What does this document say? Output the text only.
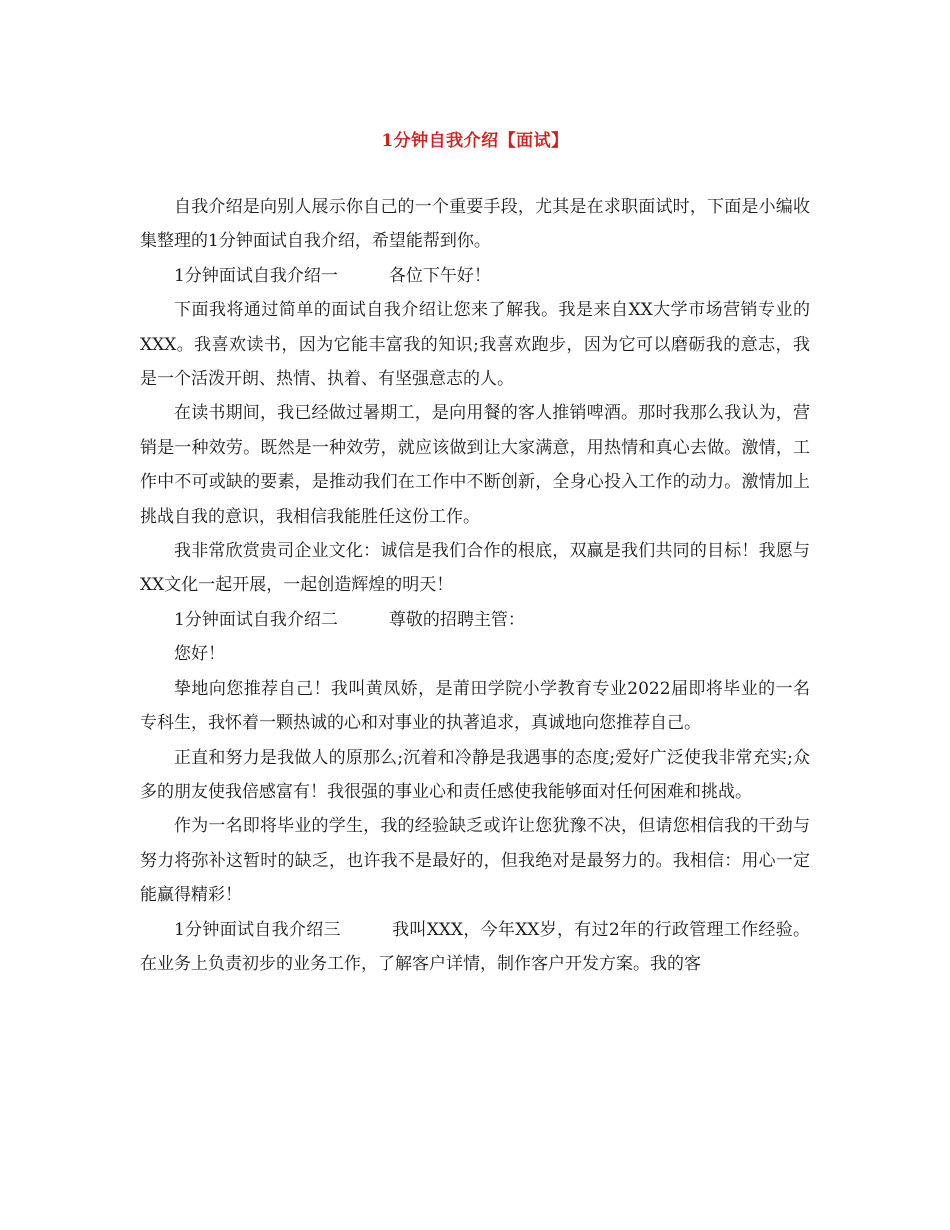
1分钟自我介绍【面试】

自我介绍是向别人展示你自己的一个重要手段，尤其是在求职面试时，下面是小编收集整理的1分钟面试自我介绍，希望能帮到你。

1分钟面试自我介绍一	各位下午好！

下面我将通过简单的面试自我介绍让您来了解我。我是来自XX大学市场营销专业的XXX。我喜欢读书，因为它能丰富我的知识;我喜欢跑步，因为它可以磨砺我的意志，我是一个活泼开朗、热情、执着、有坚强意志的人。

在读书期间，我已经做过暑期工，是向用餐的客人推销啤酒。那时我那么我认为，营销是一种效劳。既然是一种效劳，就应该做到让大家满意，用热情和真心去做。激情，工作中不可或缺的要素，是推动我们在工作中不断创新，全身心投入工作的动力。激情加上挑战自我的意识，我相信我能胜任这份工作。

我非常欣赏贵司企业文化：诚信是我们合作的根底，双赢是我们共同的目标！我愿与XX文化一起开展，一起创造辉煌的明天！

1分钟面试自我介绍二	尊敬的招聘主管：

您好！

挚地向您推荐自己！我叫黄凤娇，是莆田学院小学教育专业2022届即将毕业的一名专科生，我怀着一颗热诚的心和对事业的执著追求，真诚地向您推荐自己。

正直和努力是我做人的原那么;沉着和冷静是我遇事的态度;爱好广泛使我非常充实;众多的朋友使我倍感富有！我很强的事业心和责任感使我能够面对任何困难和挑战。

作为一名即将毕业的学生，我的经验缺乏或许让您犹豫不决，但请您相信我的干劲与努力将弥补这暂时的缺乏，也许我不是最好的，但我绝对是最努力的。我相信：用心一定能赢得精彩！

1分钟面试自我介绍三	我叫XXX，今年XX岁，有过2年的行政管理工作经验。在业务上负责初步的业务工作，了解客户详情，制作客户开发方案。我的客
